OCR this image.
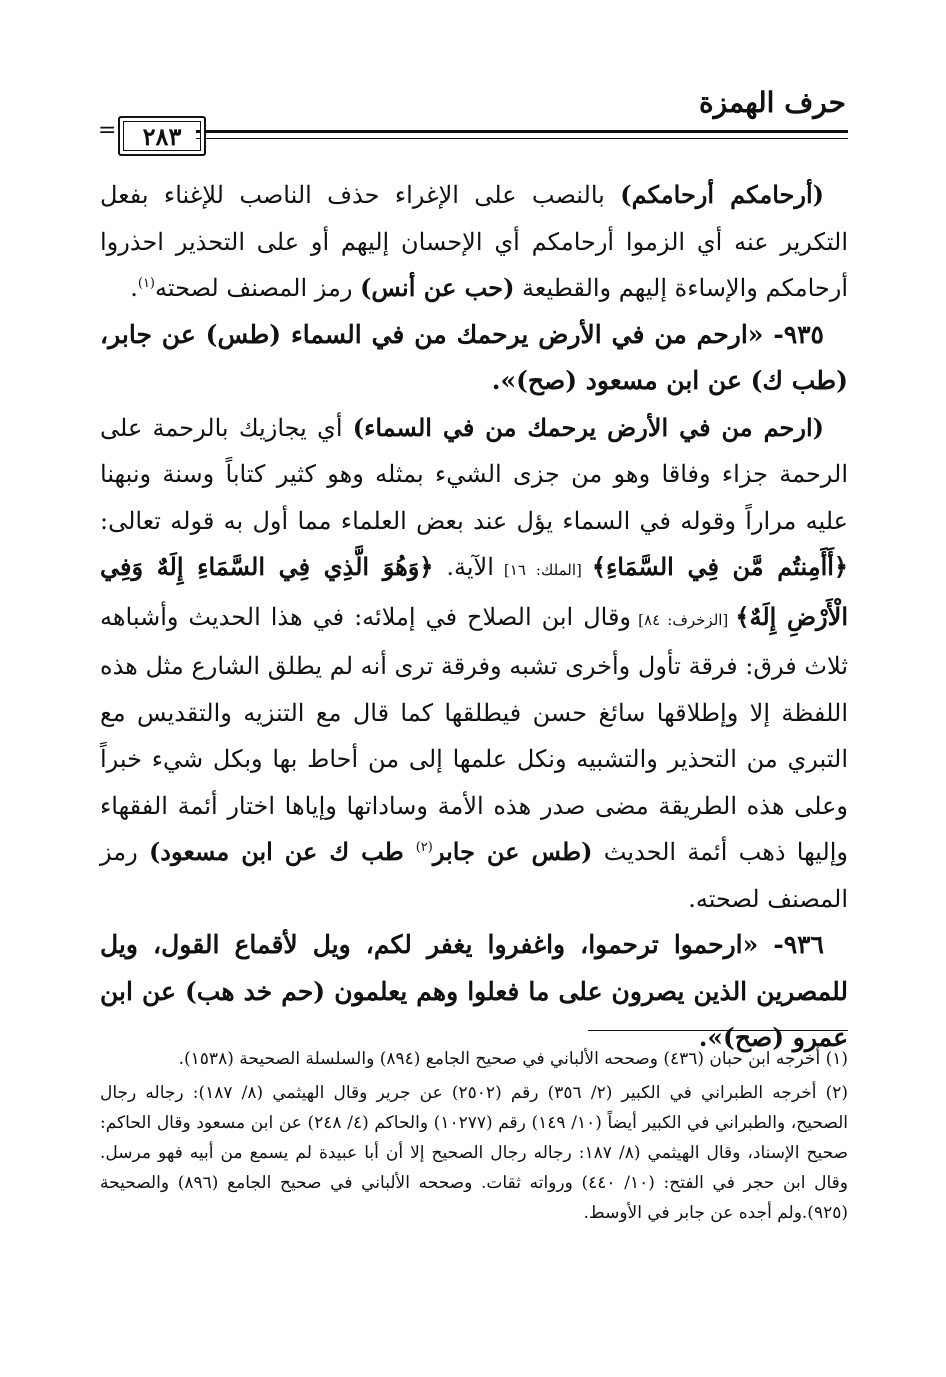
حرف الهمزة
٢٨٣
=

(أرحامكم أرحامكم) بالنصب على الإغراء حذف الناصب للإغناء بفعل التكرير عنه أي الزموا أرحامكم أي الإحسان إليهم أو على التحذير احذروا أرحامكم والإساءة إليهم والقطيعة (حب عن أنس) رمز المصنف لصحته$^{(١)}$.

٩٣٥- «ارحم من في الأرض يرحمك من في السماء (طس) عن جابر، (طب ك) عن ابن مسعود (صح)».

(ارحم من في الأرض يرحمك من في السماء) أي يجازيك بالرحمة على الرحمة جزاء وفاقا وهو من جزى الشيء بمثله وهو كثير كتاباً وسنة ونبهنا عليه مراراً وقوله في السماء يؤل عند بعض العلماء مما أول به قوله تعالى: ﴿أَأَمِنتُم مَّن فِي السَّمَاءِ﴾ [الملك: ١٦] الآية. ﴿وَهُوَ الَّذِي فِي السَّمَاءِ إِلَهٌ وَفِي الْأَرْضِ إِلَهٌ﴾ [الزخرف: ٨٤] وقال ابن الصلاح في إملائه: في هذا الحديث وأشباهه ثلاث فرق: فرقة تأول وأخرى تشبه وفرقة ترى أنه لم يطلق الشارع مثل هذه اللفظة إلا وإطلاقها سائغ حسن فيطلقها كما قال مع التنزيه والتقديس مع التبري من التحذير والتشبيه ونكل علمها إلى من أحاط بها وبكل شيء خبراً وعلى هذه الطريقة مضى صدر هذه الأمة وساداتها وإياها اختار أئمة الفقهاء وإليها ذهب أئمة الحديث (طس عن جابر$^{(٢)}$ طب ك عن ابن مسعود) رمز المصنف لصحته.

٩٣٦- «ارحموا ترحموا، واغفروا يغفر لكم، ويل لأقماع القول، ويل للمصرين الذين يصرون على ما فعلوا وهم يعلمون (حم خد هب) عن ابن عمرو (صح)».

(١) أخرجه ابن حبان (٤٣٦) وصححه الألباني في صحيح الجامع (٨٩٤) والسلسلة الصحيحة (١٥٣٨).

(٢) أخرجه الطبراني في الكبير (٢/ ٣٥٦) رقم (٢٥٠٢) عن جرير وقال الهيثمي (٨/ ١٨٧): رجاله رجال الصحيح، والطبراني في الكبير أيضاً (١٠/ ١٤٩) رقم (١٠٢٧٧) والحاكم (٤/ ٢٤٨) عن ابن مسعود وقال الحاكم: صحيح الإسناد، وقال الهيثمي (٨/ ١٨٧: رجاله رجال الصحيح إلا أن أبا عبيدة لم يسمع من أبيه فهو مرسل. وقال ابن حجر في الفتح: (١٠/ ٤٤٠) ورواته ثقات. وصححه الألباني في صحيح الجامع (٨٩٦) والصحيحة (٩٢٥).ولم أجده عن جابر في الأوسط.
